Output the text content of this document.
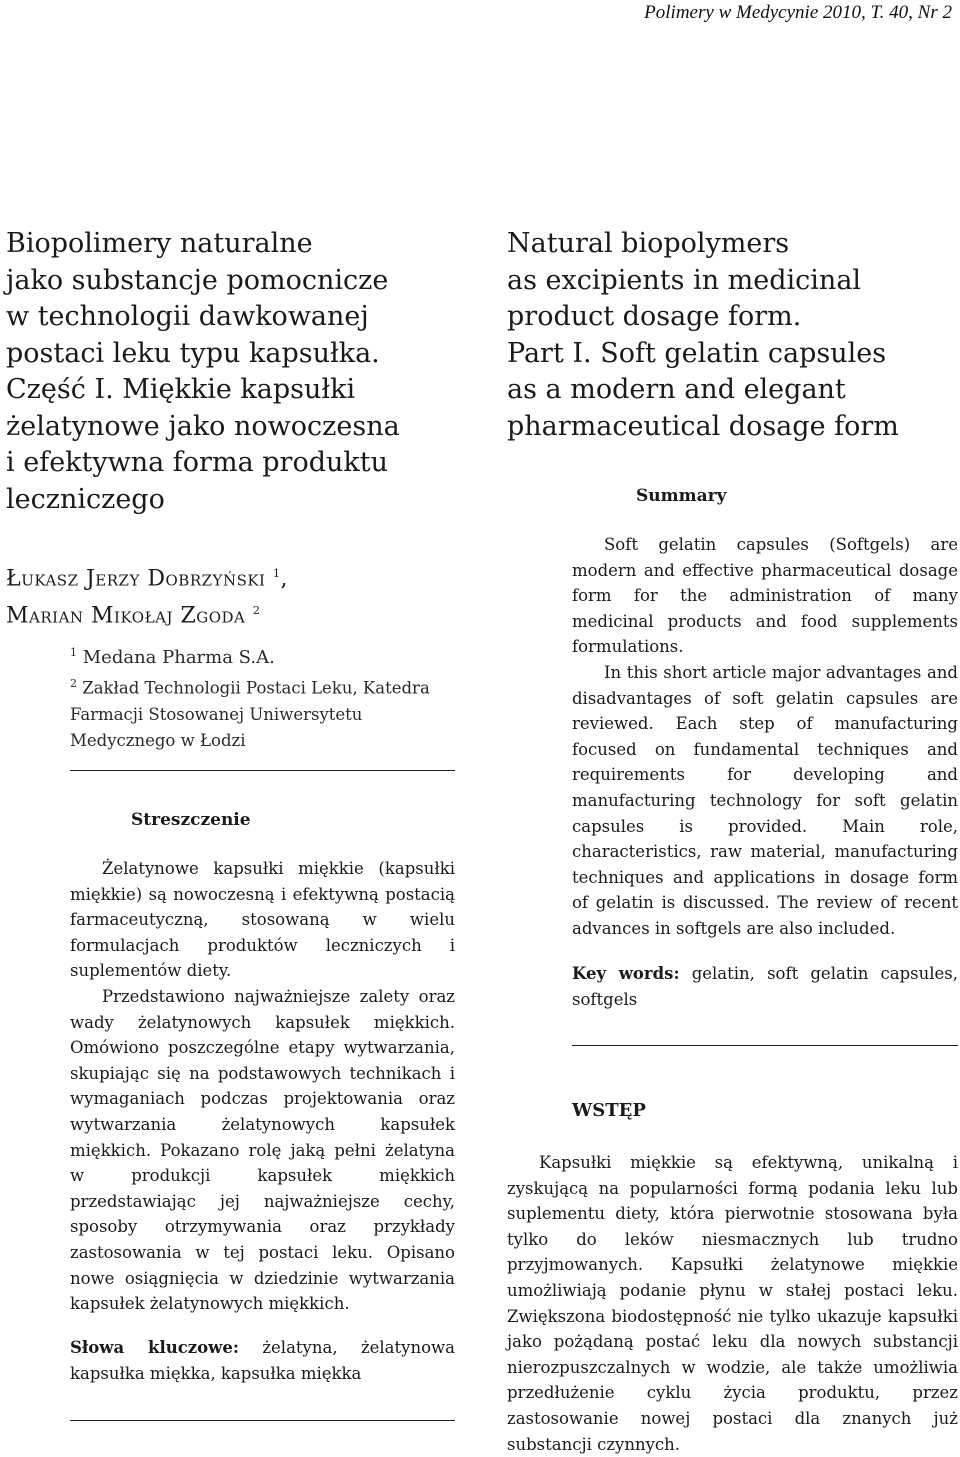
Polimery w Medycynie 2010, T. 40, Nr 2
Biopolimery naturalne
jako substancje pomocnicze
w technologii dawkowanej
postaci leku typu kapsułka.
Część I. Miękkie kapsułki
żelatynowe jako nowoczesna
i efektywna forma produktu
leczniczego
Natural biopolymers
as excipients in medicinal
product dosage form.
Part I. Soft gelatin capsules
as a modern and elegant
pharmaceutical dosage form
Łukasz Jerzy Dobrzyński $^1$,
Marian Mikołaj Zgoda $^2$
$^1$ Medana Pharma S.A.
$^2$ Zakład Technologii Postaci Leku, Katedra Farmacji Stosowanej Uniwersytetu Medycznego w Łodzi
Streszczenie

Żelatynowe kapsułki miękkie (kapsułki miękkie) są nowoczesną i efektywną postacią farmaceutyczną, stosowaną w wielu formulacjach produktów leczniczych i suplementów diety.

Przedstawiono najważniejsze zalety oraz wady żelatynowych kapsułek miękkich. Omówiono poszczególne etapy wytwarzania, skupiając się na podstawowych technikach i wymaganiach podczas projektowania oraz wytwarzania żelatynowych kapsułek miękkich. Pokazano rolę jaką pełni żelatyna w produkcji kapsułek miękkich przedstawiając jej najważniejsze cechy, sposoby otrzymywania oraz przykłady zastosowania w tej postaci leku. Opisano nowe osiągnięcia w dziedzinie wytwarzania kapsułek żelatynowych miękkich.

Słowa kluczowe: żelatyna, żelatynowa kapsułka miękka, kapsułka miękka
Summary

Soft gelatin capsules (Softgels) are modern and effective pharmaceutical dosage form for the administration of many medicinal products and food supplements formulations.

In this short article major advantages and disadvantages of soft gelatin capsules are reviewed. Each step of manufacturing focused on fundamental techniques and requirements for developing and manufacturing technology for soft gelatin capsules is provided. Main role, characteristics, raw material, manufacturing techniques and applications in dosage form of gelatin is discussed. The review of recent advances in softgels are also included.

Key words: gelatin, soft gelatin capsules, softgels
WSTĘP

Kapsułki miękkie są efektywną, unikalną i zyskującą na popularności formą podania leku lub suplementu diety, która pierwotnie stosowana była tylko do leków niesmacznych lub trudno przyjmowanych. Kapsułki żelatynowe miękkie umożliwiają podanie płynu w stałej postaci leku. Zwiększona biodostępność nie tylko ukazuje kapsułki jako pożądaną postać leku dla nowych substancji nierozpuszczalnych w wodzie, ale także umożliwia przedłużenie cyklu życia produktu, przez zastosowanie nowej postaci dla znanych już substancji czynnych.
